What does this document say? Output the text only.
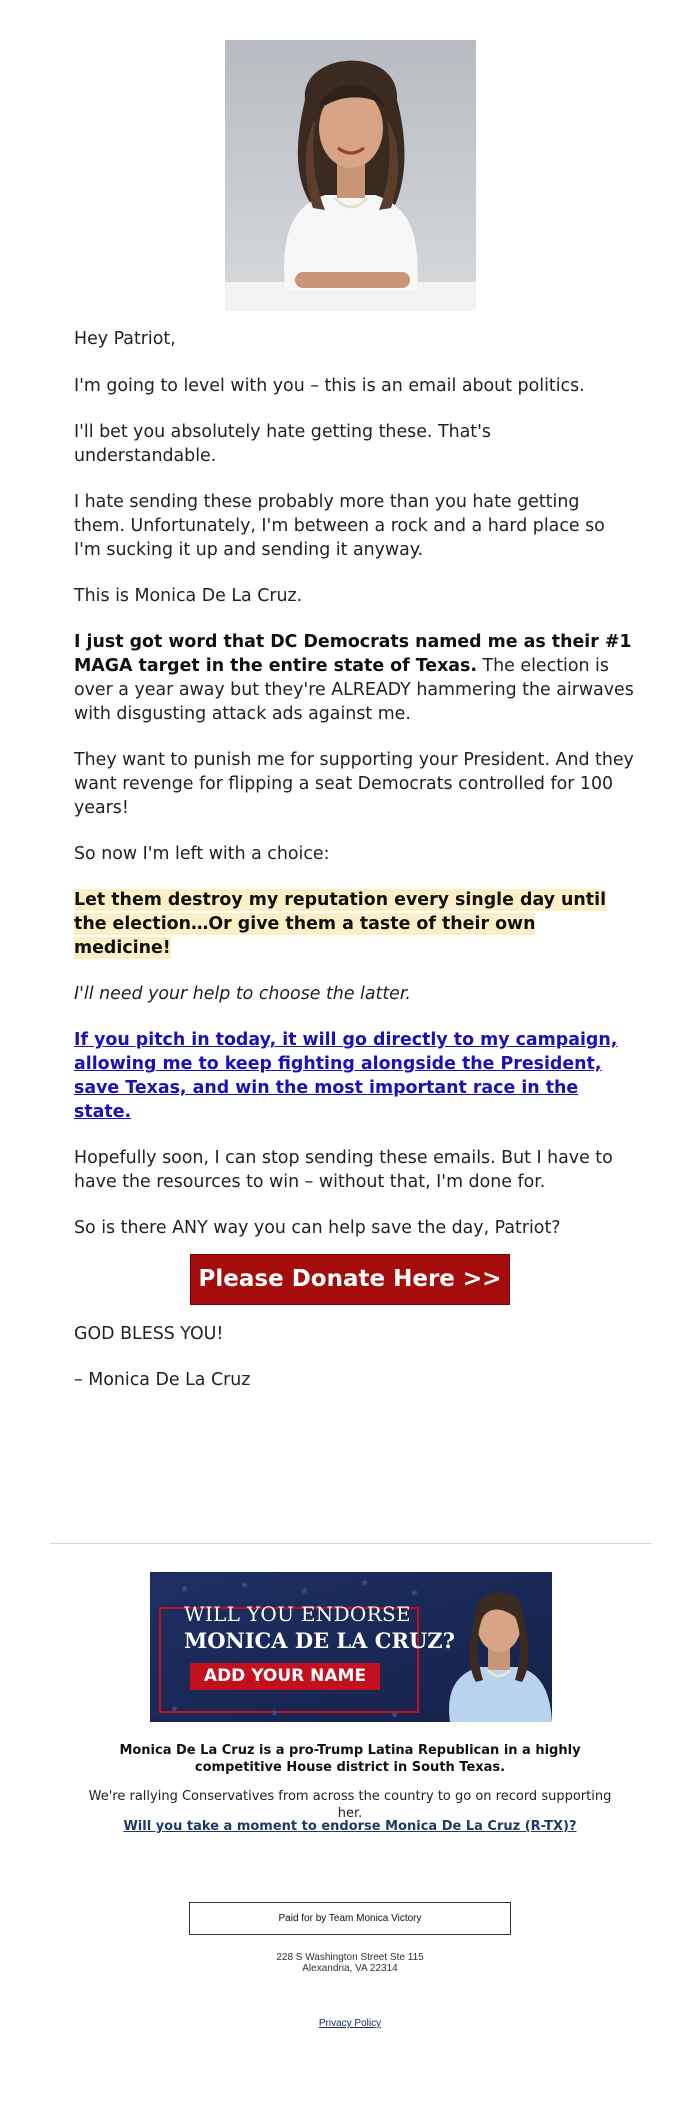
Hey Patriot,

I'm going to level with you – this is an email about politics.

I'll bet you absolutely hate getting these. That's understandable.

I hate sending these probably more than you hate getting them. Unfortunately, I'm between a rock and a hard place so I'm sucking it up and sending it anyway.

This is Monica De La Cruz.

I just got word that DC Democrats named me as their #1 MAGA target in the entire state of Texas. The election is over a year away but they're ALREADY hammering the airwaves with disgusting attack ads against me.

They want to punish me for supporting your President. And they want revenge for flipping a seat Democrats controlled for 100 years!

So now I'm left with a choice:

Let them destroy my reputation every single day until the election…Or give them a taste of their own medicine!

I'll need your help to choose the latter.

If you pitch in today, it will go directly to my campaign, allowing me to keep fighting alongside the President, save Texas, and win the most important race in the state.

Hopefully soon, I can stop sending these emails. But I have to have the resources to win – without that, I'm done for.

So is there ANY way you can help save the day, Patriot?

GOD BLESS YOU!

– Monica De La Cruz

Please Donate Here >>
★	★
★
★
★
★	★	★
WILL YOU ENDORSE
MONICA DE LA CRUZ?
ADD YOUR NAME

Monica De La Cruz is a pro-Trump Latina Republican in a highly competitive House district in South Texas.

We're rallying Conservatives from across the country to go on record supporting her.

Will you take a moment to endorse Monica De La Cruz (R-TX)?

Paid for by Team Monica Victory

228 S Washington Street Ste 115

Alexandria, VA 22314

Privacy Policy
